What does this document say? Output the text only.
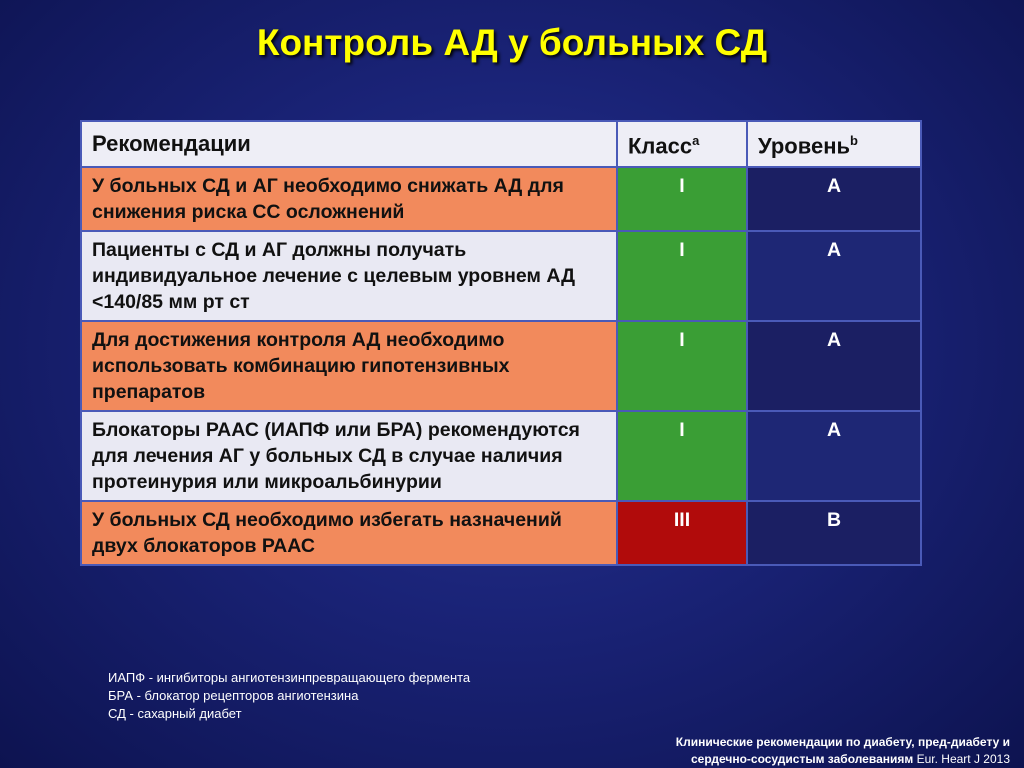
Контроль АД у больных СД
Рекомендации	Класс$^a$	Уровень$^b$
У больных СД и АГ необходимо снижать АД для снижения риска СС осложнений	I	A
Пациенты с СД и АГ должны получать индивидуальное лечение с целевым уровнем АД <140/85 мм рт ст	I	A
Для достижения контроля АД необходимо использовать комбинацию гипотензивных препаратов	I	A
Блокаторы РААС (ИАПФ или БРА) рекомендуются для лечения АГ у больных СД в случае наличия протеинурия или микроальбинурии	I	A
У больных СД необходимо избегать назначений двух блокаторов РААС	III	B
ИАПФ - ингибиторы ангиотензинпревращающего фермента
БРА - блокатор рецепторов ангиотензина
СД - сахарный диабет
Клинические рекомендации по диабету, пред-диабету и
сердечно-сосудистым заболеваниям Eur. Heart J 2013
